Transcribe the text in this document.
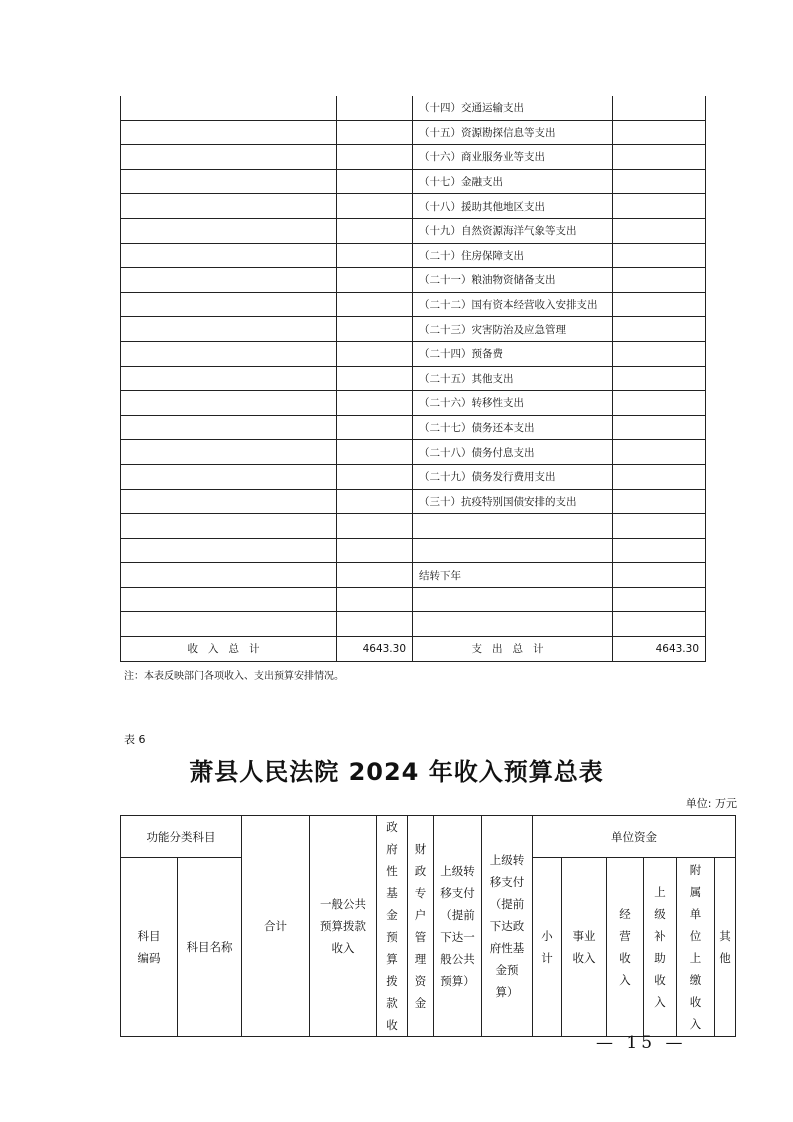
		（十四）交通运输支出	
		（十五）资源勘探信息等支出	
		（十六）商业服务业等支出	
		（十七）金融支出	
		（十八）援助其他地区支出	
		（十九）自然资源海洋气象等支出	
		（二十）住房保障支出	
		（二十一）粮油物资储备支出	
		（二十二）国有资本经营收入安排支出	
		（二十三）灾害防治及应急管理	
		（二十四）预备费	
		（二十五）其他支出	
		（二十六）转移性支出	
		（二十七）债务还本支出	
		（二十八）债务付息支出	
		（二十九）债务发行费用支出	
		（三十）抗疫特别国债安排的支出	

		结转下年	

收入总计	4643.30	支出总计	4643.30
注：本表反映部门各项收入、支出预算安排情况。
表 6
萧县人民法院 2024 年收入预算总表
单位: 万元
功能分类科目		合计	一般公共预算拨款收入	政府性基金预算拨款收	财政专户管理资金	上级转移支付（提前下达一般公共预算）	上级转移支付（提前下达政府性基金预算）	单位资金					
科目编码	科目名称							小计	事业收入	经营收入	上级补助收入	附属单位上缴收入	其他
— 15 —
